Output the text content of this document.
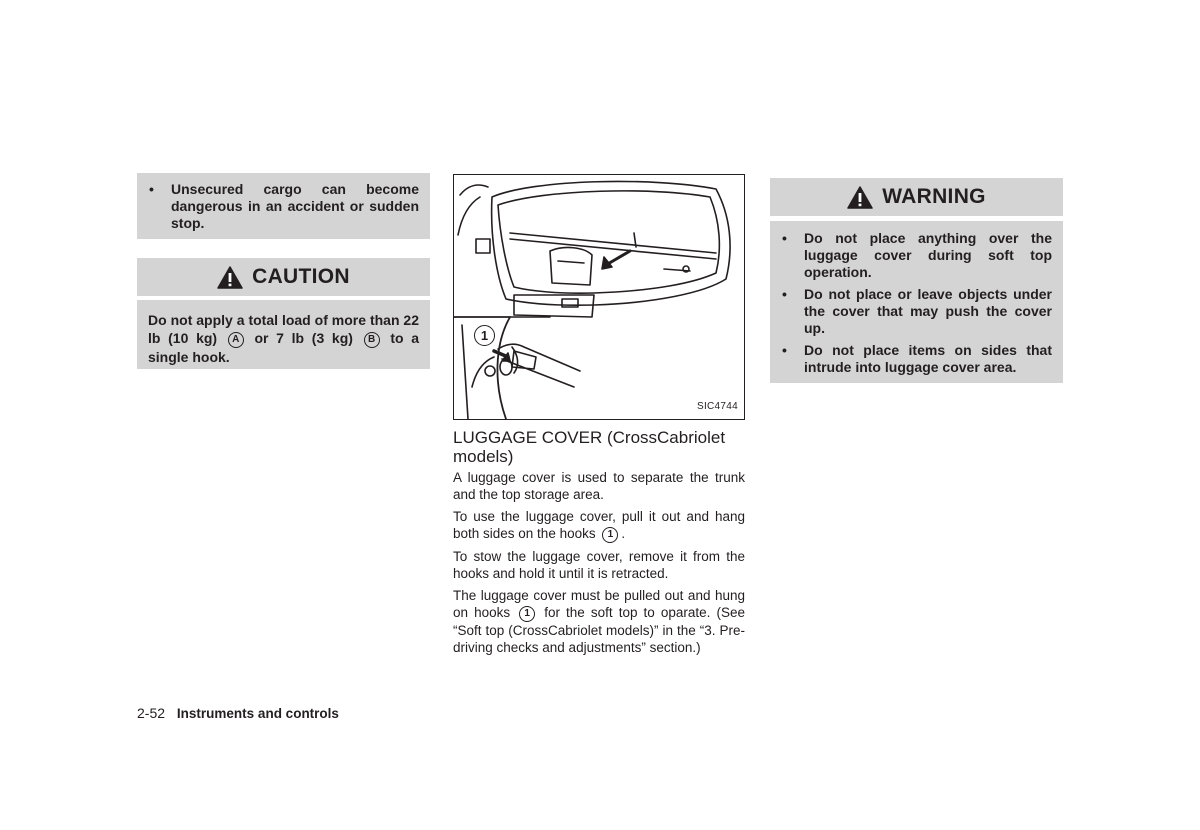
• Unsecured cargo can become dangerous in an accident or sudden stop.
CAUTION
Do not apply a total load of more than 22 lb (10 kg) A or 7 lb (3 kg) B to a single hook.
1
SIC4744
LUGGAGE COVER (CrossCabriolet models)

A luggage cover is used to separate the trunk and the top storage area.

To use the luggage cover, pull it out and hang both sides on the hooks 1 .

To stow the luggage cover, remove it from the hooks and hold it until it is retracted.

The luggage cover must be pulled out and hung on hooks 1 for the soft top to oparate. (See “Soft top (CrossCabriolet models)” in the “3. Pre-driving checks and adjustments” section.)

WARNING
• Do not place anything over the luggage cover during soft top operation.
• Do not place or leave objects under the cover that may push the cover up.
• Do not place items on sides that intrude into luggage cover area.
2-52 Instruments and controls
